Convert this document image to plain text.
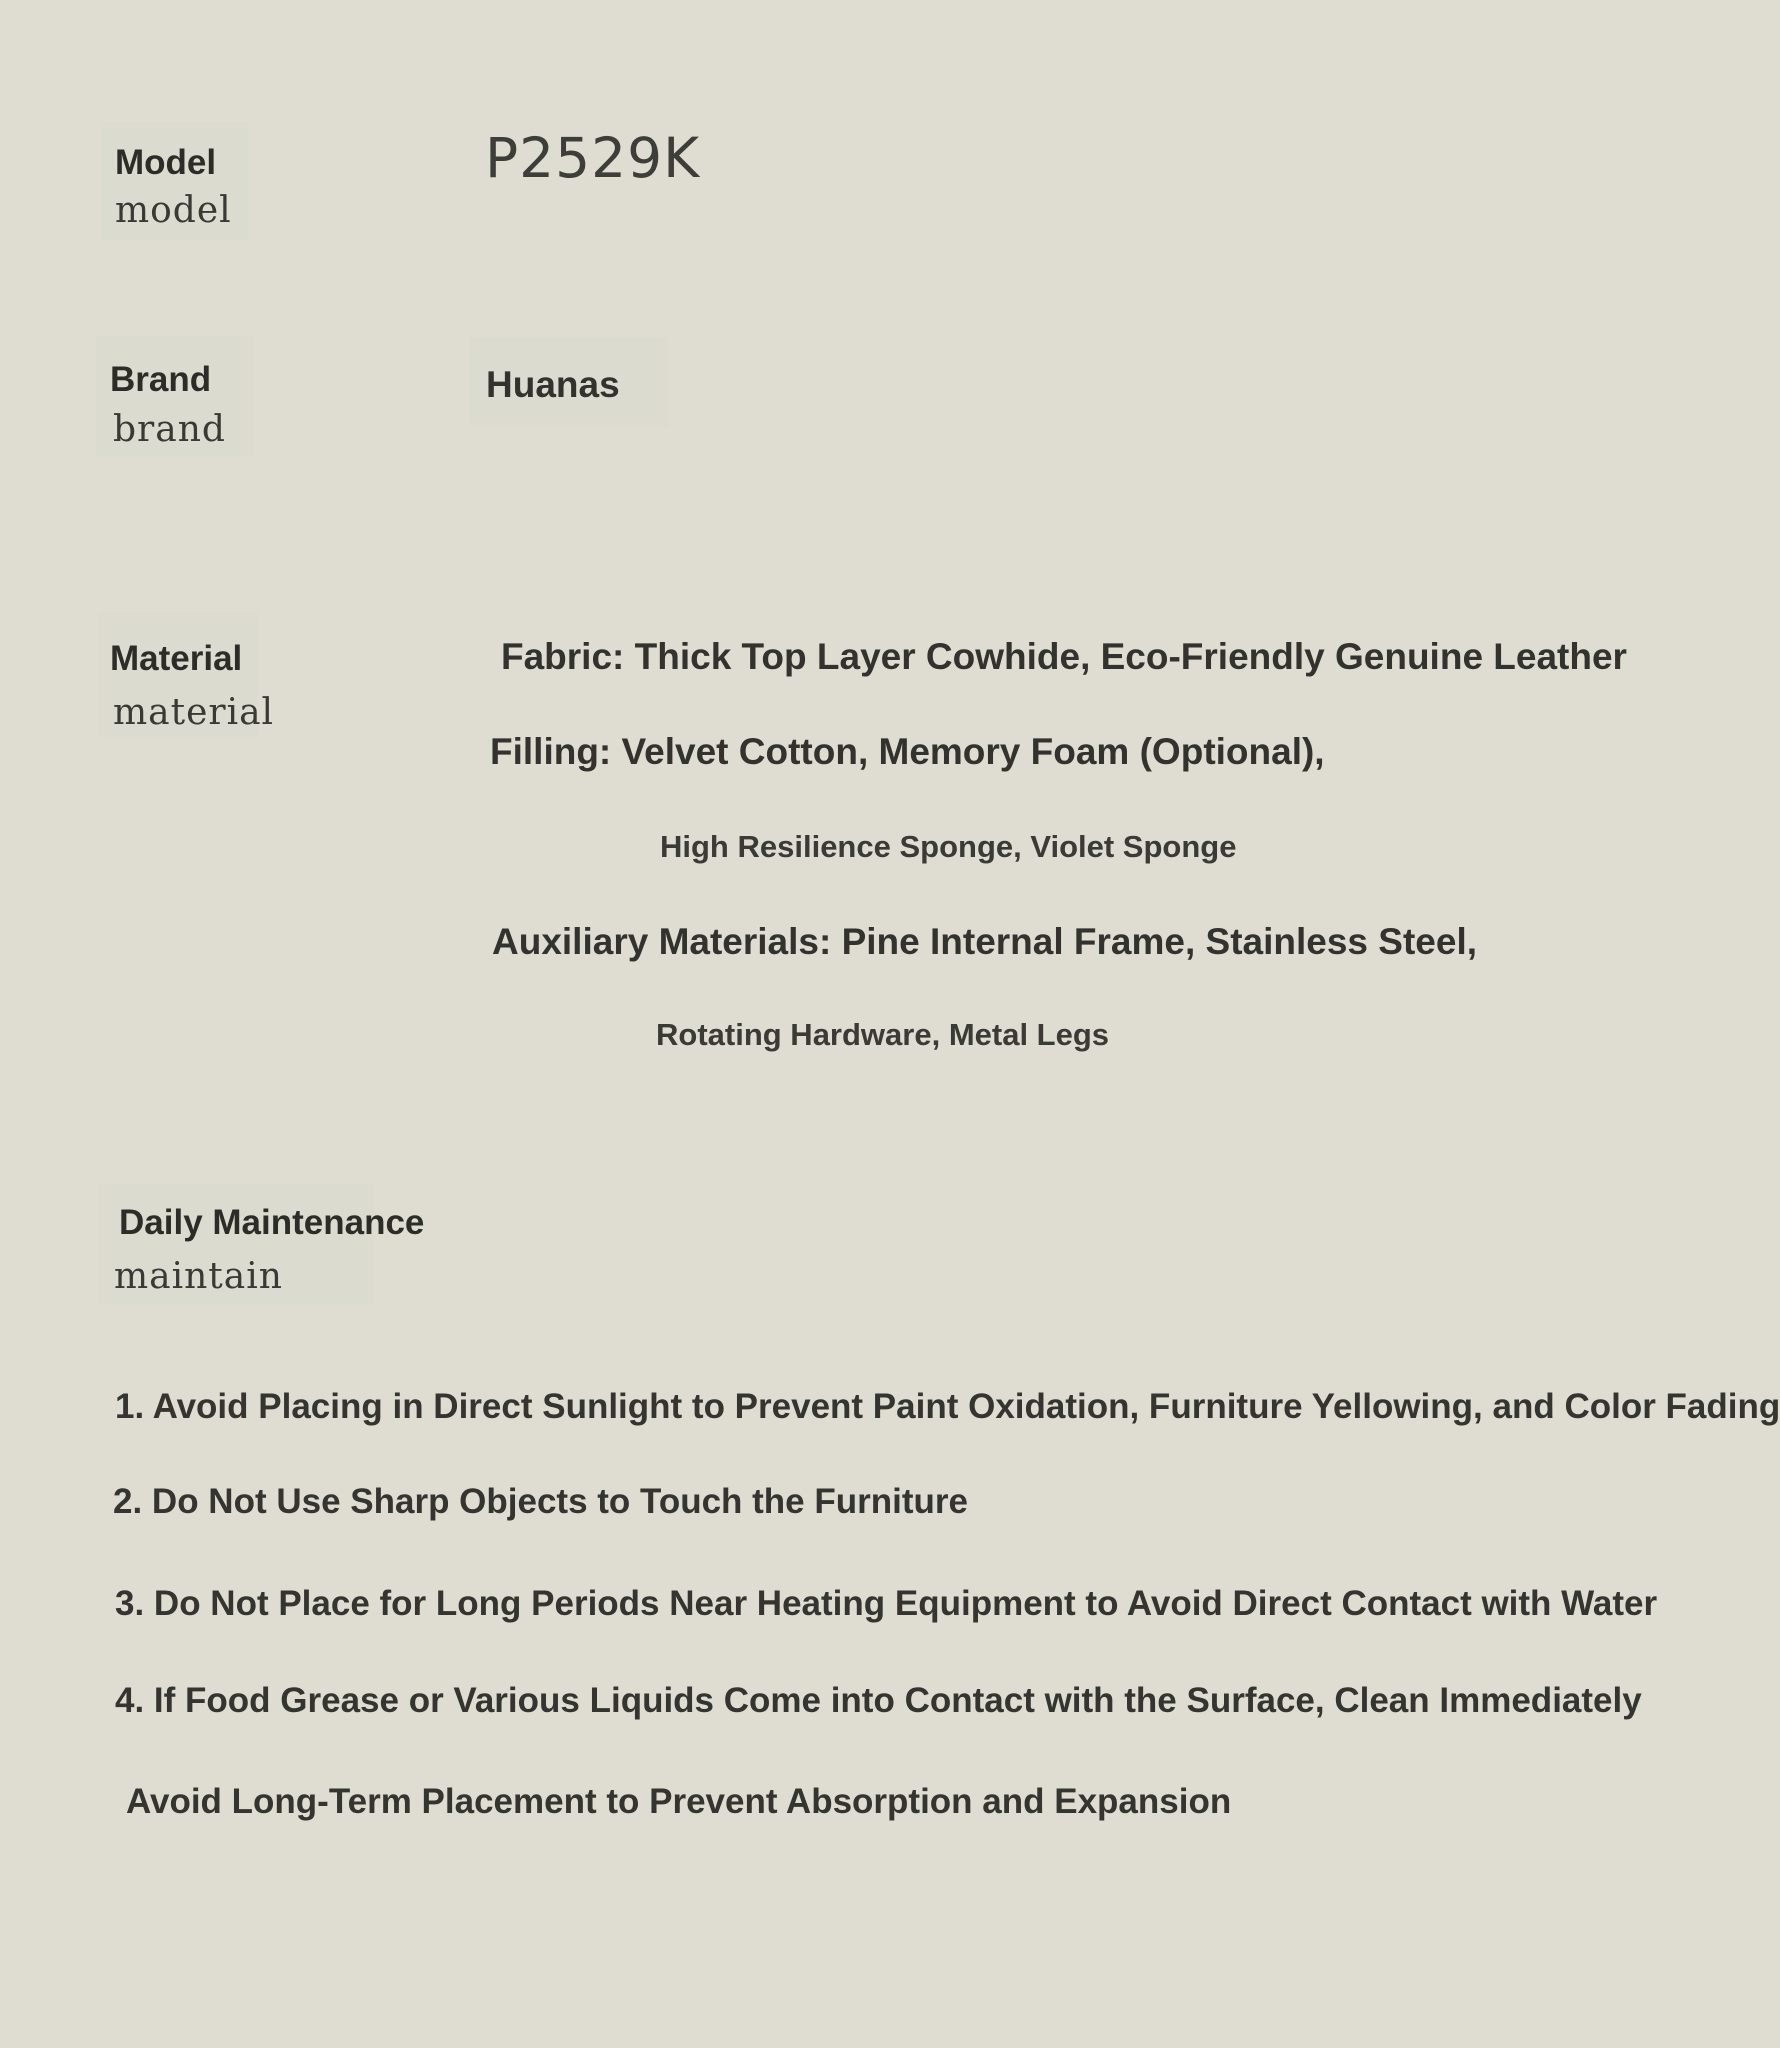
Model
model
P2529K
Brand
brand
Huanas
Material
material
Fabric: Thick Top Layer Cowhide, Eco-Friendly Genuine Leather
Filling: Velvet Cotton, Memory Foam (Optional),
High Resilience Sponge, Violet Sponge
Auxiliary Materials: Pine Internal Frame, Stainless Steel,
Rotating Hardware, Metal Legs
Daily Maintenance
maintain
1. Avoid Placing in Direct Sunlight to Prevent Paint Oxidation, Furniture Yellowing, and Color Fading
2. Do Not Use Sharp Objects to Touch the Furniture
3. Do Not Place for Long Periods Near Heating Equipment to Avoid Direct Contact with Water
4. If Food Grease or Various Liquids Come into Contact with the Surface, Clean Immediately
Avoid Long-Term Placement to Prevent Absorption and Expansion
